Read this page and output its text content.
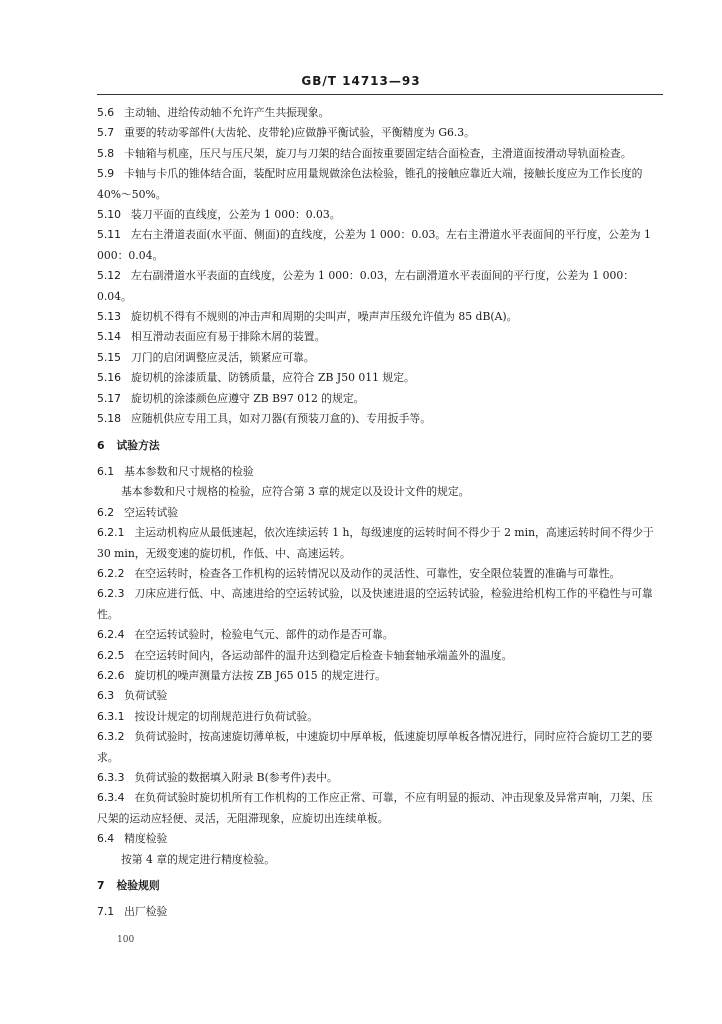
GB/T 14713—93
5.6 主动轴、进给传动轴不允许产生共振现象。
5.7 重要的转动零部件(大齿轮、皮带轮)应做静平衡试验，平衡精度为 G6.3。
5.8 卡轴箱与机座，压尺与压尺架，旋刀与刀架的结合面按重要固定结合面检查，主滑道面按滑动导轨面检查。
5.9 卡轴与卡爪的锥体结合面，装配时应用量规做涂色法检验，锥孔的接触应靠近大端，接触长度应为工作长度的 40%～50%。
5.10 装刀平面的直线度，公差为 1 000：0.03。
5.11 左右主滑道表面(水平面、侧面)的直线度，公差为 1 000：0.03。左右主滑道水平表面间的平行度，公差为 1 000：0.04。
5.12 左右副滑道水平表面的直线度，公差为 1 000：0.03，左右副滑道水平表面间的平行度，公差为 1 000：0.04。
5.13 旋切机不得有不规则的冲击声和周期的尖叫声，噪声声压级允许值为 85 dB(A)。
5.14 相互滑动表面应有易于排除木屑的装置。
5.15 刀门的启闭调整应灵活，锁紧应可靠。
5.16 旋切机的涂漆质量、防锈质量，应符合 ZB J50 011 规定。
5.17 旋切机的涂漆颜色应遵守 ZB B97 012 的规定。
5.18 应随机供应专用工具，如对刀器(有预装刀盒的)、专用扳手等。
6 试验方法
6.1 基本参数和尺寸规格的检验
基本参数和尺寸规格的检验，应符合第 3 章的规定以及设计文件的规定。
6.2 空运转试验
6.2.1 主运动机构应从最低速起，依次连续运转 1 h，每级速度的运转时间不得少于 2 min，高速运转时间不得少于 30 min，无级变速的旋切机，作低、中、高速运转。
6.2.2 在空运转时，检查各工作机构的运转情况以及动作的灵活性、可靠性，安全限位装置的准确与可靠性。
6.2.3 刀床应进行低、中、高速进给的空运转试验，以及快速进退的空运转试验，检验进给机构工作的平稳性与可靠性。
6.2.4 在空运转试验时，检验电气元、部件的动作是否可靠。
6.2.5 在空运转时间内，各运动部件的温升达到稳定后检查卡轴套轴承端盖外的温度。
6.2.6 旋切机的噪声测量方法按 ZB J65 015 的规定进行。
6.3 负荷试验
6.3.1 按设计规定的切削规范进行负荷试验。
6.3.2 负荷试验时，按高速旋切薄单板，中速旋切中厚单板，低速旋切厚单板各情况进行，同时应符合旋切工艺的要求。
6.3.3 负荷试验的数据填入附录 B(参考件)表中。
6.3.4 在负荷试验时旋切机所有工作机构的工作应正常、可靠，不应有明显的振动、冲击现象及异常声响，刀架、压尺架的运动应轻便、灵活，无阻滞现象，应旋切出连续单板。
6.4 精度检验
按第 4 章的规定进行精度检验。
7 检验规则
7.1 出厂检验
100
